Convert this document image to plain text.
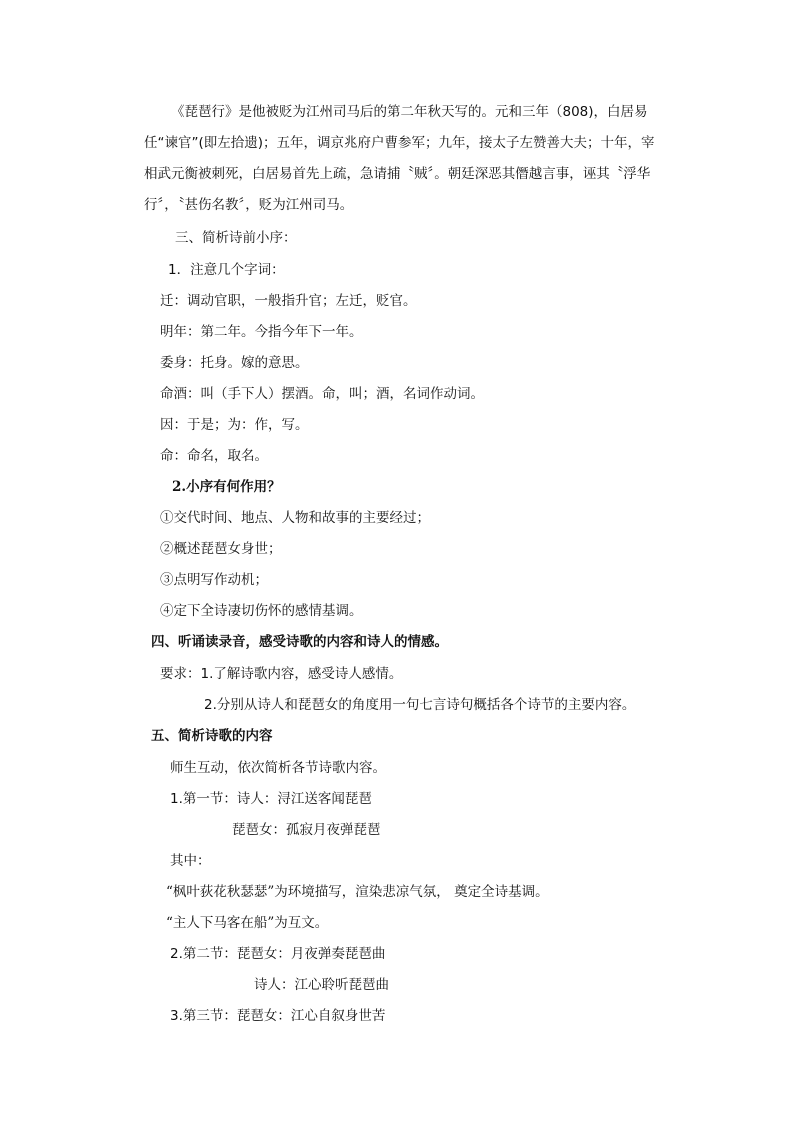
《琵琶行》是他被贬为江州司马后的第二年秋天写的。元和三年（808)，白居易任“谏官”(即左拾遗)；五年，调京兆府户曹参军；九年，接太子左赞善大夫；十年，宰相武元衡被刺死，白居易首先上疏，急请捕〝贼〞。朝廷深恶其僭越言事，诬其〝浮华行〞，〝甚伤名教〞，贬为江州司马。
三、简析诗前小序：
1．注意几个字词：
迁：调动官职，一般指升官；左迁，贬官。
明年：第二年。今指今年下一年。
委身：托身。嫁的意思。
命酒：叫（手下人）摆酒。命，叫；酒，名词作动词。
因：于是；为：作，写。
命：命名，取名。
2.小序有何作用？
①交代时间、地点、人物和故事的主要经过；
②概述琵琶女身世；
③点明写作动机；
④定下全诗凄切伤怀的感情基调。
四、听诵读录音，感受诗歌的内容和诗人的情感。
要求：1.了解诗歌内容，感受诗人感情。
2.分别从诗人和琵琶女的角度用一句七言诗句概括各个诗节的主要内容。
五、简析诗歌的内容
师生互动，依次简析各节诗歌内容。
1.第一节：诗人：浔江送客闻琵琶
琵琶女：孤寂月夜弹琵琶
其中：
“枫叶荻花秋瑟瑟”为环境描写，渲染悲凉气氛， 奠定全诗基调。
“主人下马客在船”为互文。
2.第二节：琵琶女：月夜弹奏琵琶曲
诗人：江心聆听琵琶曲
3.第三节：琵琶女：江心自叙身世苦
